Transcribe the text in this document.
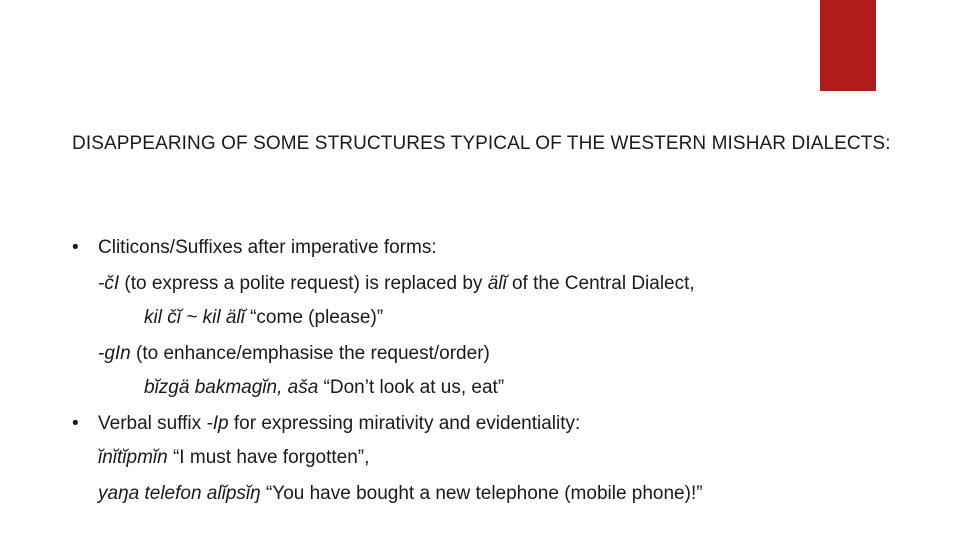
DISAPPEARING OF SOME STRUCTURES TYPICAL OF THE WESTERN MISHAR DIALECTS:
• Cliticons/Suffixes after imperative forms:
-čI (to express a polite request) is replaced by älĭ of the Central Dialect,
kil čĭ ~ kil älĭ “come (please)”
-gIn (to enhance/emphasise the request/order)
bĭzgä bakmagĭn, aša “Don’t look at us, eat”
• Verbal suffix -Ip for expressing mirativity and evidentiality:
ĭnĭtĭpmĭn “I must have forgotten”,
yaŋa telefon alĭpsĭŋ “You have bought a new telephone (mobile phone)!”
